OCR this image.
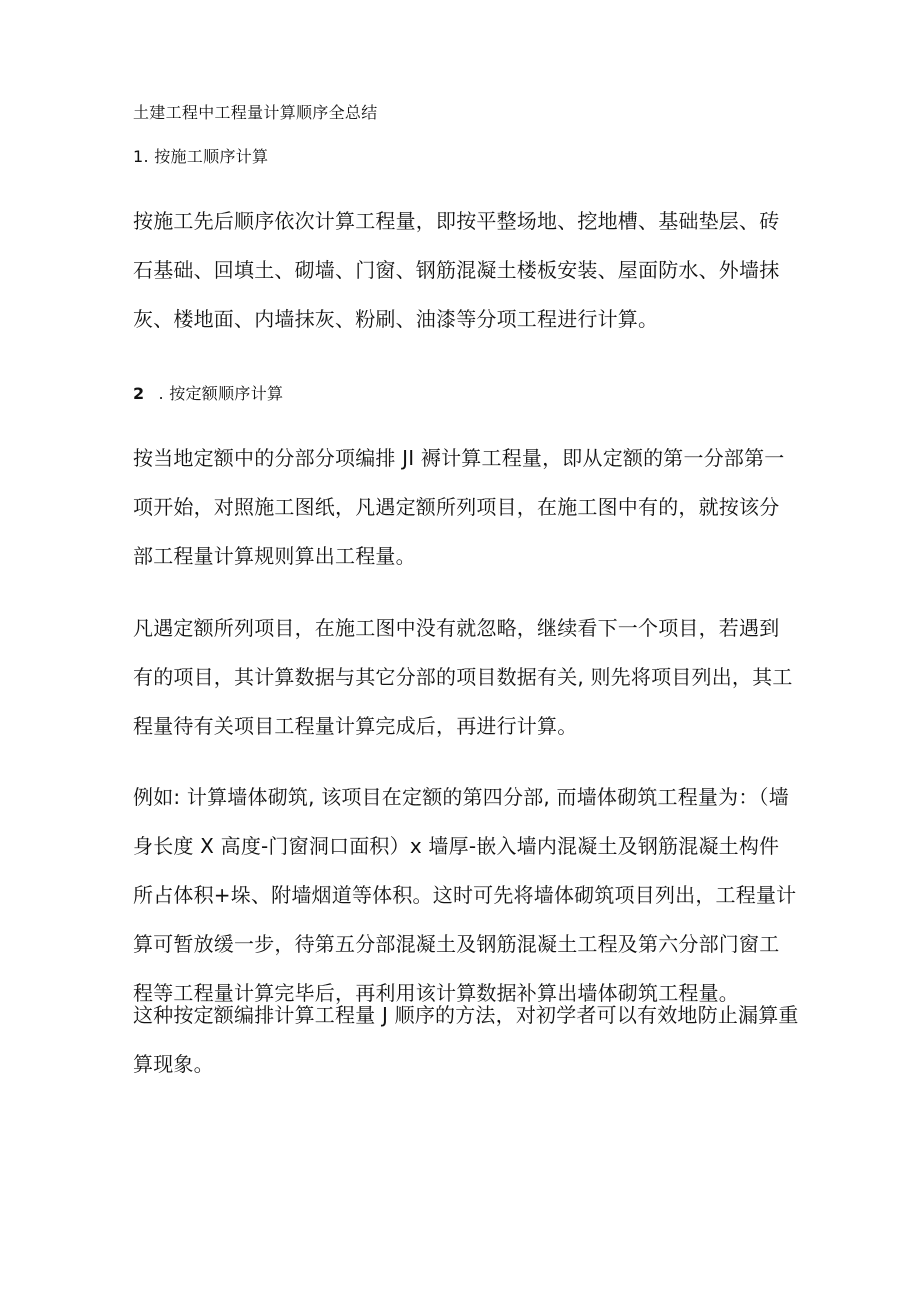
土建工程中工程量计算顺序全总结
1. 按施工顺序计算
按施工先后顺序依次计算工程量，即按平整场地、挖地槽、基础垫层、砖
石基础、回填土、砌墙、门窗、钢筋混凝土楼板安装、屋面防水、外墙抹
灰、楼地面、内墙抹灰、粉刷、油漆等分项工程进行计算。
2 . 按定额顺序计算
按当地定额中的分部分项编排 JI 褥计算工程量，即从定额的第一分部第一
项开始，对照施工图纸，凡遇定额所列项目，在施工图中有的，就按该分
部工程量计算规则算出工程量。
凡遇定额所列项目，在施工图中没有就忽略，继续看下一个项目，若遇到
有的项目，其计算数据与其它分部的项目数据有关, 则先将项目列出，其工
程量待有关项目工程量计算完成后，再进行计算。
例如: 计算墙体砌筑, 该项目在定额的第四分部, 而墙体砌筑工程量为：（墙
身长度 X 高度-门窗洞口面积）x 墙厚-嵌入墙内混凝土及钢筋混凝土构件
所占体积+垛、附墙烟道等体积。这时可先将墙体砌筑项目列出，工程量计
算可暂放缓一步，待第五分部混凝土及钢筋混凝土工程及第六分部门窗工
程等工程量计算完毕后，再利用该计算数据补算出墙体砌筑工程量。
这种按定额编排计算工程量 J 顺序的方法，对初学者可以有效地防止漏算重
算现象。
